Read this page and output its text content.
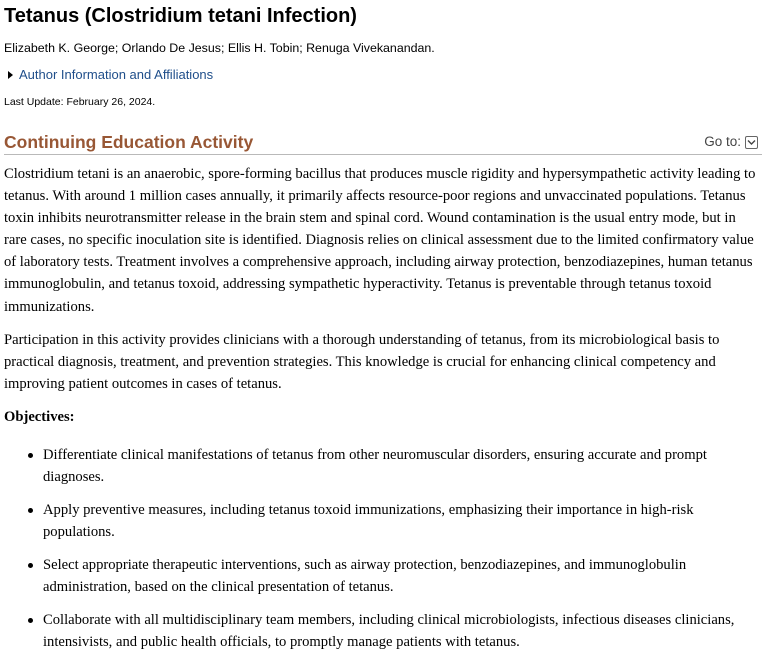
Tetanus (Clostridium tetani Infection)
Elizabeth K. George; Orlando De Jesus; Ellis H. Tobin; Renuga Vivekanandan.
Author Information and Affiliations
Last Update: February 26, 2024.
Continuing Education Activity	Go to:
Clostridium tetani is an anaerobic, spore-forming bacillus that produces muscle rigidity and hypersympathetic activity leading to tetanus. With around 1 million cases annually, it primarily affects resource-poor regions and unvaccinated populations. Tetanus toxin inhibits neurotransmitter release in the brain stem and spinal cord. Wound contamination is the usual entry mode, but in rare cases, no specific inoculation site is identified. Diagnosis relies on clinical assessment due to the limited confirmatory value of laboratory tests. Treatment involves a comprehensive approach, including airway protection, benzodiazepines, human tetanus immunoglobulin, and tetanus toxoid, addressing sympathetic hyperactivity. Tetanus is preventable through tetanus toxoid immunizations.
Participation in this activity provides clinicians with a thorough understanding of tetanus, from its microbiological basis to practical diagnosis, treatment, and prevention strategies. This knowledge is crucial for enhancing clinical competency and improving patient outcomes in cases of tetanus.
Objectives:
Differentiate clinical manifestations of tetanus from other neuromuscular disorders, ensuring accurate and prompt diagnoses.
Apply preventive measures, including tetanus toxoid immunizations, emphasizing their importance in high-risk populations.
Select appropriate therapeutic interventions, such as airway protection, benzodiazepines, and immunoglobulin administration, based on the clinical presentation of tetanus.
Collaborate with all multidisciplinary team members, including clinical microbiologists, infectious diseases clinicians, intensivists, and public health officials, to promptly manage patients with tetanus.
